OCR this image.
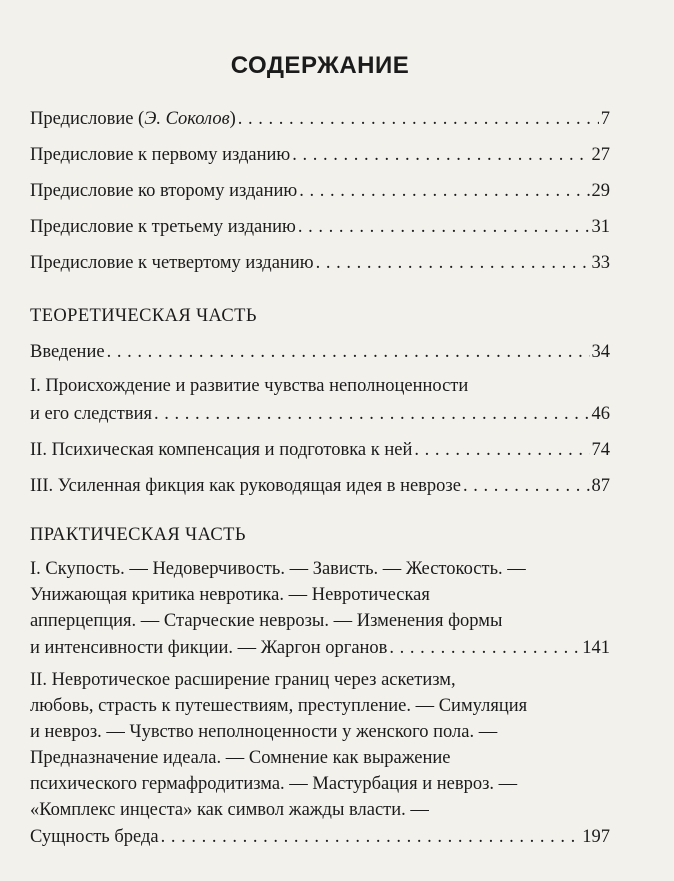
СОДЕРЖАНИЕ
Предисловие (Э. Соколов) . . .	7
Предисловие к первому изданию . . .	27
Предисловие ко второму изданию . . .	29
Предисловие к третьему изданию . . .	31
Предисловие к четвертому изданию . . .	33
ТЕОРЕТИЧЕСКАЯ ЧАСТЬ
Введение . . .	34
I. Происхождение и развитие чувства неполноценности
и его следствия . . .	46
II. Психическая компенсация и подготовка к ней . . .	74
III. Усиленная фикция как руководящая идея в неврозе . . .	87
ПРАКТИЧЕСКАЯ ЧАСТЬ
I. Скупость. — Недоверчивость. — Зависть. — Жестокость. —
Унижающая критика невротика. — Невротическая
апперцепция. — Старческие неврозы. — Изменения формы
и интенсивности фикции. — Жаргон органов . . .	141
II. Невротическое расширение границ через аскетизм,
любовь, страсть к путешествиям, преступление. — Симуляция
и невроз. — Чувство неполноценности у женского пола. —
Предназначение идеала. — Сомнение как выражение
психического гермафродитизма. — Мастурбация и невроз. —
«Комплекс инцеста» как символ жажды власти. —
Сущность бреда . . .	197
